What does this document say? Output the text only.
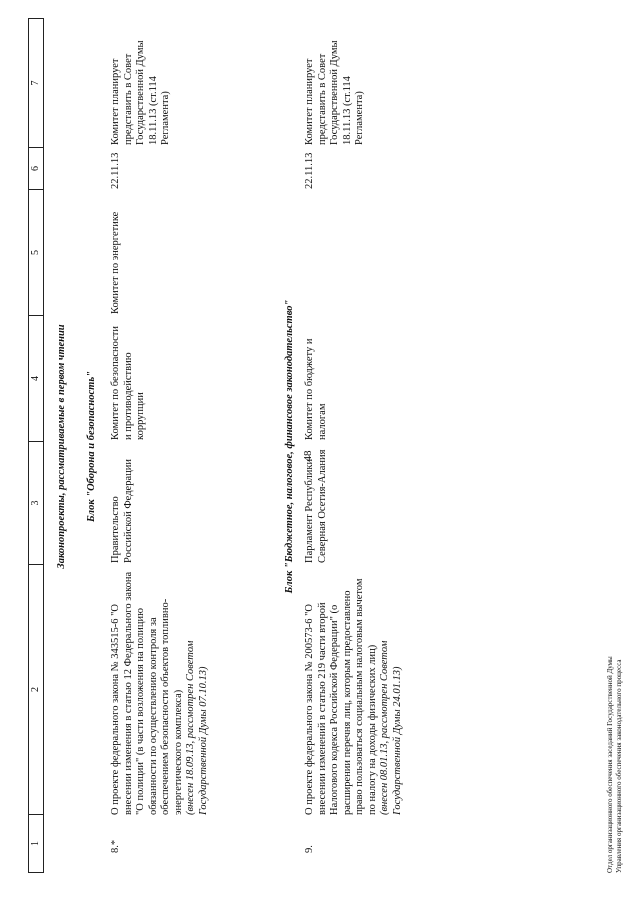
48
1
2
3
4
5
6
7
Законопроекты, рассматриваемые в первом чтении Блок "Оборона и безопасность"
8.*

О проекте федерального закона № 343515-6 "О внесении изменения в статью 12 Федерального закона "О полиции" (в части возложения на полицию обязанности по осуществлению контроля за обеспечением безопасности объектов топливно-энергетического комплекса) (внесен 18.09.13, рассмотрен Советом Государственной Думы 07.10.13)

Правительство Российской Федерации
Комитет по безопасности и противодействию коррупции
Комитет по энергетике
22.11.13
Комитет планирует представить в Совет Государственной Думы 18.11.13 (ст.114 Регламента)
Блок "Бюджетное, налоговое, финансовое законодательство"
9.

О проекте федерального закона № 200573-6 "О внесении изменений в статью 219 части второй Налогового кодекса Российской Федерации" (о расширении перечня лиц, которым предоставлено право пользоваться социальным налоговым вычетом по налогу на доходы физических лиц) (внесен 08.01.13, рассмотрен Советом Государственной Думы 24.01.13)

Парламент Республики Северная Осетия-Алания
Комитет по бюджету и налогам
22.11.13
Комитет планирует представить в Совет Государственной Думы 18.11.13 (ст.114 Регламента)
Отдел организационного обеспечения заседаний Государственной Думы Управления организационного обеспечения законодательного процесса
